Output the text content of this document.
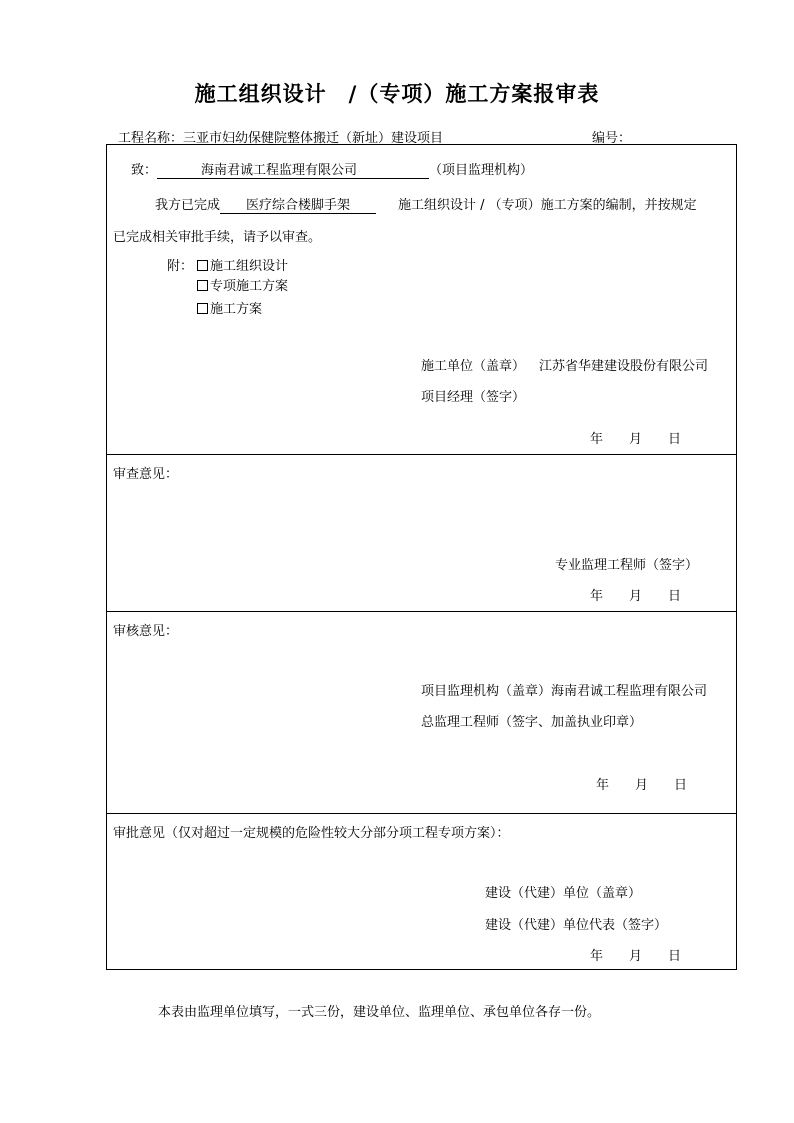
施工组织设计 /（专项）施工方案报审表
工程名称：三亚市妇幼保健院整体搬迁（新址）建设项目	编号：
致：	海南君诚工程监理有限公司	（项目监理机构）
我方已完成 医疗综合楼脚手架	施工组织设计 / （专项）施工方案的编制，并按规定
已完成相关审批手续，请予以审查。
附：	施工组织设计
专项施工方案
施工方案
施工单位（盖章） 江苏省华建建设股份有限公司
项目经理（签字）
年　　月　　日
审查意见：
专业监理工程师（签字）
年　　月　　日
审核意见：
项目监理机构（盖章）海南君诚工程监理有限公司
总监理工程师（签字、加盖执业印章）
年　　月　　日
审批意见（仅对超过一定规模的危险性较大分部分项工程专项方案）：
建设（代建）单位（盖章）
建设（代建）单位代表（签字）
年　　月　　日
本表由监理单位填写，一式三份，建设单位、监理单位、承包单位各存一份。
